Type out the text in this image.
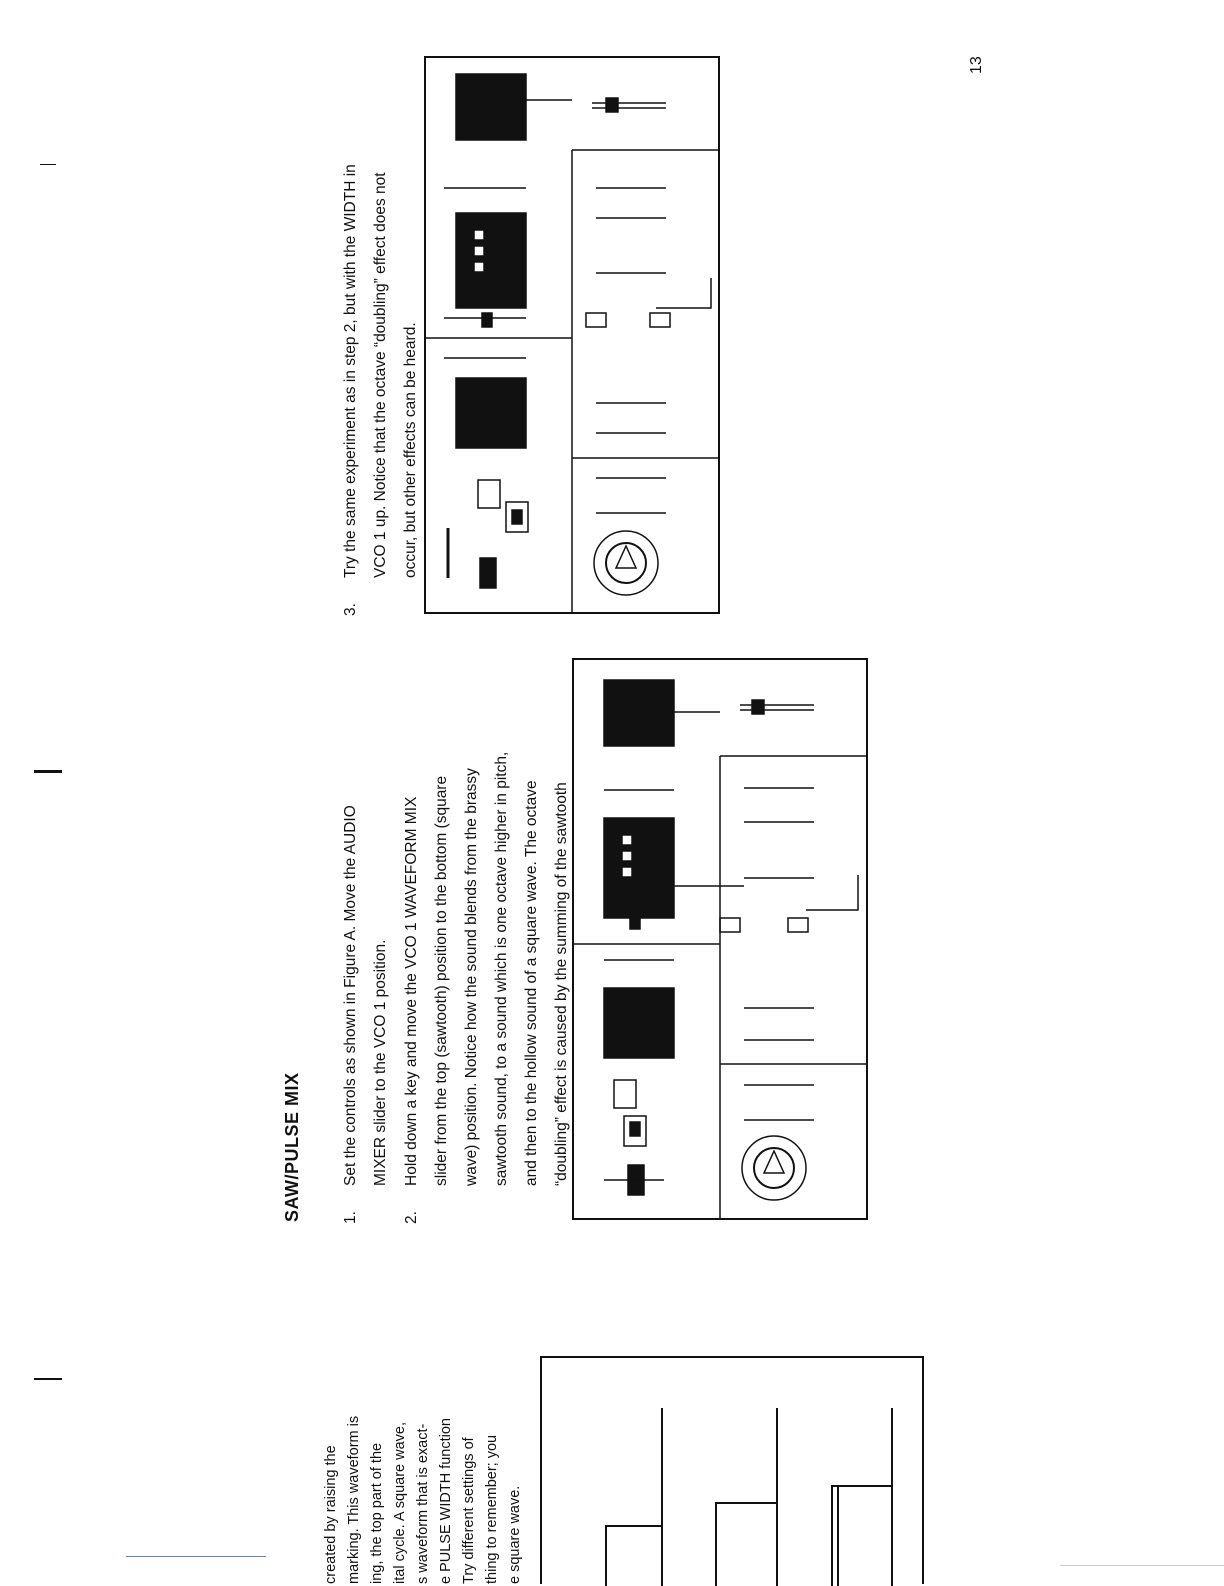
13
SAW/PULSE MIX	1.
Set the controls as shown in Figure A. Move the AUDIO MIXER slider to the VCO 1 position.
2.
Hold down a key and move the VCO 1 WAVEFORM MIX slider from the top (sawtooth) position to the bottom (square wave) position. Notice how the sound blends from the brassy sawtooth sound, to a sound which is one octave higher in pitch, and then to the hollow sound of a square wave. The octave “doubling” effect is caused by the summing of the sawtooth
3.
Try the same experiment as in step 2, but with the WIDTH in VCO 1 up. Notice that the octave “doubling” effect does not occur, but other effects can be heard.
created by raising the marking. This waveform is ing, the top part of the ital cycle. A square wave, s waveform that is exact- e PULSE WIDTH function Try different settings of thing to remember; you e square wave.
